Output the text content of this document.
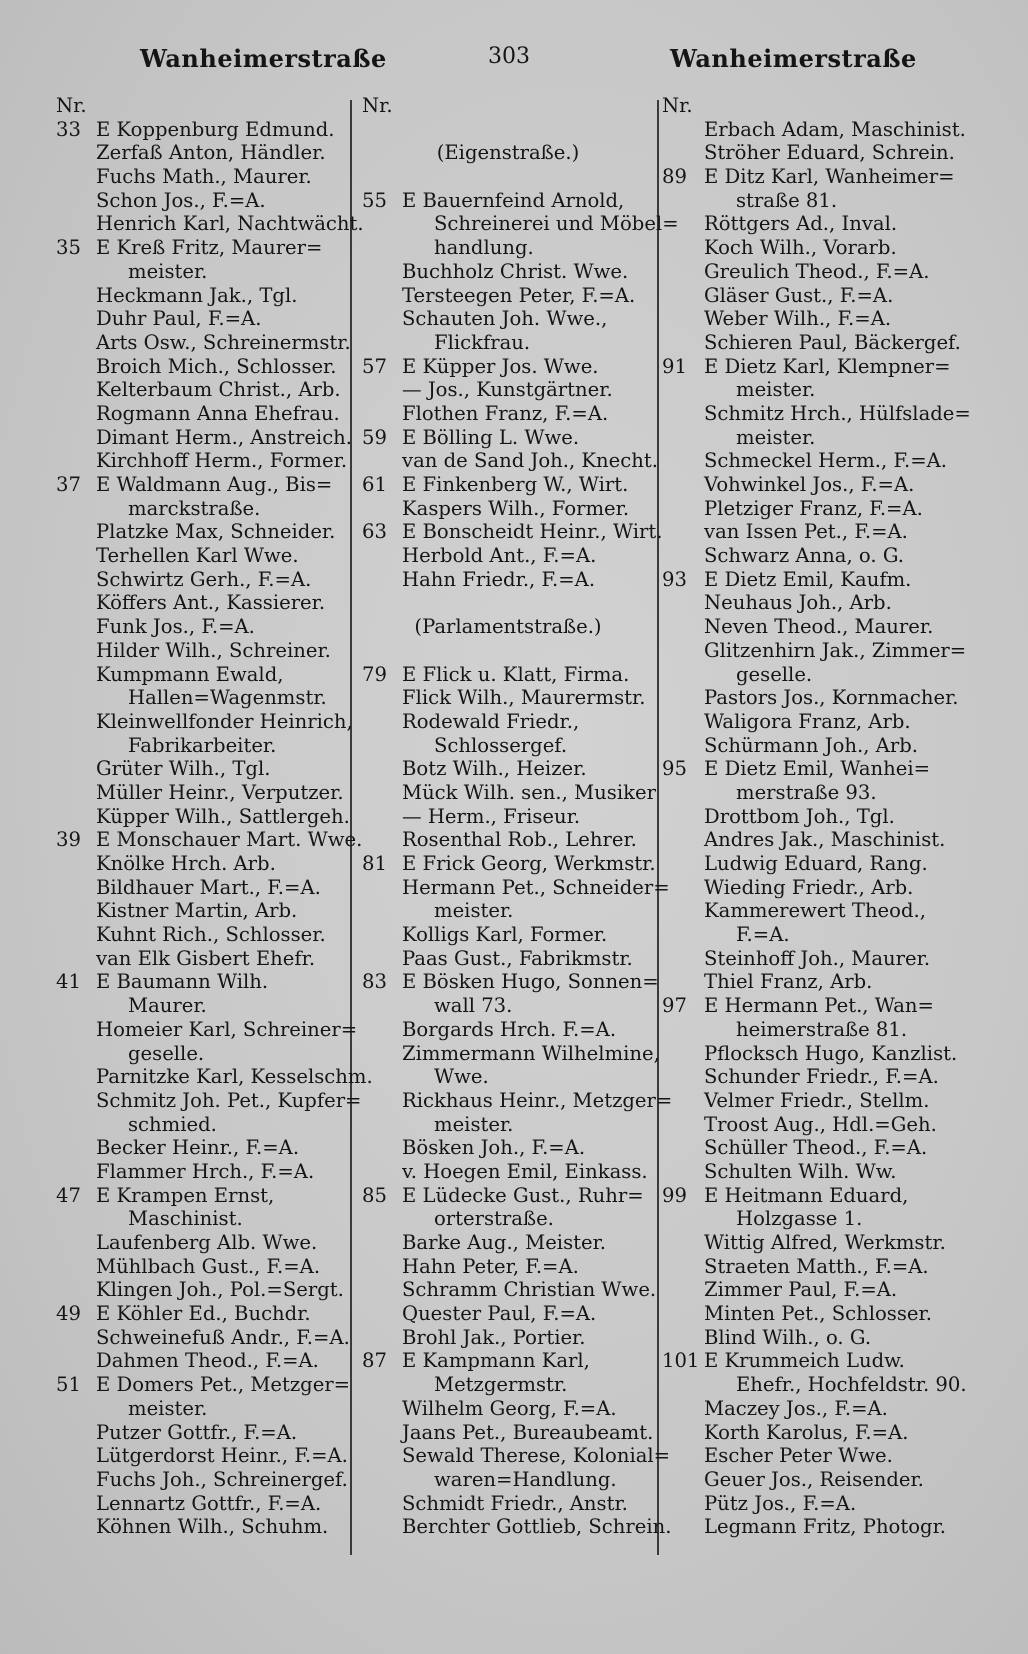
Wanheimerstraße	303	Wanheimerstraße
Nr.
33 E Koppenburg Edmund.
Zerfaß Anton, Händler.
Fuchs Math., Maurer.
Schon Jos., F.=A.
Henrich Karl, Nachtwächt.
35 E Kreß Fritz, Maurer=
meister.
Heckmann Jak., Tgl.
Duhr Paul, F.=A.
Arts Osw., Schreinermstr.
Broich Mich., Schlosser.
Kelterbaum Christ., Arb.
Rogmann Anna Ehefrau.
Dimant Herm., Anstreich.
Kirchhoff Herm., Former.
37 E Waldmann Aug., Bis=
marckstraße.
Platzke Max, Schneider.
Terhellen Karl Wwe.
Schwirtz Gerh., F.=A.
Köffers Ant., Kassierer.
Funk Jos., F.=A.
Hilder Wilh., Schreiner.
Kumpmann Ewald,
Hallen=Wagenmstr.
Kleinwellfonder Heinrich,
Fabrikarbeiter.
Grüter Wilh., Tgl.
Müller Heinr., Verputzer.
Küpper Wilh., Sattlergeh.
39 E Monschauer Mart. Wwe.
Knölke Hrch. Arb.
Bildhauer Mart., F.=A.
Kistner Martin, Arb.
Kuhnt Rich., Schlosser.
van Elk Gisbert Ehefr.
41 E Baumann Wilh.
Maurer.
Homeier Karl, Schreiner=
geselle.
Parnitzke Karl, Kesselschm.
Schmitz Joh. Pet., Kupfer=
schmied.
Becker Heinr., F.=A.
Flammer Hrch., F.=A.
47 E Krampen Ernst,
Maschinist.
Laufenberg Alb. Wwe.
Mühlbach Gust., F.=A.
Klingen Joh., Pol.=Sergt.
49 E Köhler Ed., Buchdr.
Schweinefuß Andr., F.=A.
Dahmen Theod., F.=A.
51 E Domers Pet., Metzger=
meister.
Putzer Gottfr., F.=A.
Lütgerdorst Heinr., F.=A.
Fuchs Joh., Schreinergef.
Lennartz Gottfr., F.=A.
Köhnen Wilh., Schuhm.
Nr.
(Eigenstraße.)
55 E Bauernfeind Arnold,
Schreinerei und Möbel=
handlung.
Buchholz Christ. Wwe.
Tersteegen Peter, F.=A.
Schauten Joh. Wwe.,
Flickfrau.
57 E Küpper Jos. Wwe.
— Jos., Kunstgärtner.
Flothen Franz, F.=A.
59 E Bölling L. Wwe.
van de Sand Joh., Knecht.
61 E Finkenberg W., Wirt.
Kaspers Wilh., Former.
63 E Bonscheidt Heinr., Wirt.
Herbold Ant., F.=A.
Hahn Friedr., F.=A.
(Parlamentstraße.)
79 E Flick u. Klatt, Firma.
Flick Wilh., Maurermstr.
Rodewald Friedr.,
Schlossergef.
Botz Wilh., Heizer.
Mück Wilh. sen., Musiker
— Herm., Friseur.
Rosenthal Rob., Lehrer.
81 E Frick Georg, Werkmstr.
Hermann Pet., Schneider=
meister.
Kolligs Karl, Former.
Paas Gust., Fabrikmstr.
83 E Bösken Hugo, Sonnen=
wall 73.
Borgards Hrch. F.=A.
Zimmermann Wilhelmine,
Wwe.
Rickhaus Heinr., Metzger=
meister.
Bösken Joh., F.=A.
v. Hoegen Emil, Einkass.
85 E Lüdecke Gust., Ruhr=
orterstraße.
Barke Aug., Meister.
Hahn Peter, F.=A.
Schramm Christian Wwe.
Quester Paul, F.=A.
Brohl Jak., Portier.
87 E Kampmann Karl,
Metzgermstr.
Wilhelm Georg, F.=A.
Jaans Pet., Bureaubeamt.
Sewald Therese, Kolonial=
waren=Handlung.
Schmidt Friedr., Anstr.
Berchter Gottlieb, Schrein.
Nr.
Erbach Adam, Maschinist.
Ströher Eduard, Schrein.
89 E Ditz Karl, Wanheimer=
straße 81.
Röttgers Ad., Inval.
Koch Wilh., Vorarb.
Greulich Theod., F.=A.
Gläser Gust., F.=A.
Weber Wilh., F.=A.
Schieren Paul, Bäckergef.
91 E Dietz Karl, Klempner=
meister.
Schmitz Hrch., Hülfslade=
meister.
Schmeckel Herm., F.=A.
Vohwinkel Jos., F.=A.
Pletziger Franz, F.=A.
van Issen Pet., F.=A.
Schwarz Anna, o. G.
93 E Dietz Emil, Kaufm.
Neuhaus Joh., Arb.
Neven Theod., Maurer.
Glitzenhirn Jak., Zimmer=
geselle.
Pastors Jos., Kornmacher.
Waligora Franz, Arb.
Schürmann Joh., Arb.
95 E Dietz Emil, Wanhei=
merstraße 93.
Drottbom Joh., Tgl.
Andres Jak., Maschinist.
Ludwig Eduard, Rang.
Wieding Friedr., Arb.
Kammerewert Theod.,
F.=A.
Steinhoff Joh., Maurer.
Thiel Franz, Arb.
97 E Hermann Pet., Wan=
heimerstraße 81.
Pflocksch Hugo, Kanzlist.
Schunder Friedr., F.=A.
Velmer Friedr., Stellm.
Troost Aug., Hdl.=Geh.
Schüller Theod., F.=A.
Schulten Wilh. Ww.
99 E Heitmann Eduard,
Holzgasse 1.
Wittig Alfred, Werkmstr.
Straeten Matth., F.=A.
Zimmer Paul, F.=A.
Minten Pet., Schlosser.
Blind Wilh., o. G.
101 E Krummeich Ludw.
Ehefr., Hochfeldstr. 90.
Maczey Jos., F.=A.
Korth Karolus, F.=A.
Escher Peter Wwe.
Geuer Jos., Reisender.
Pütz Jos., F.=A.
Legmann Fritz, Photogr.
